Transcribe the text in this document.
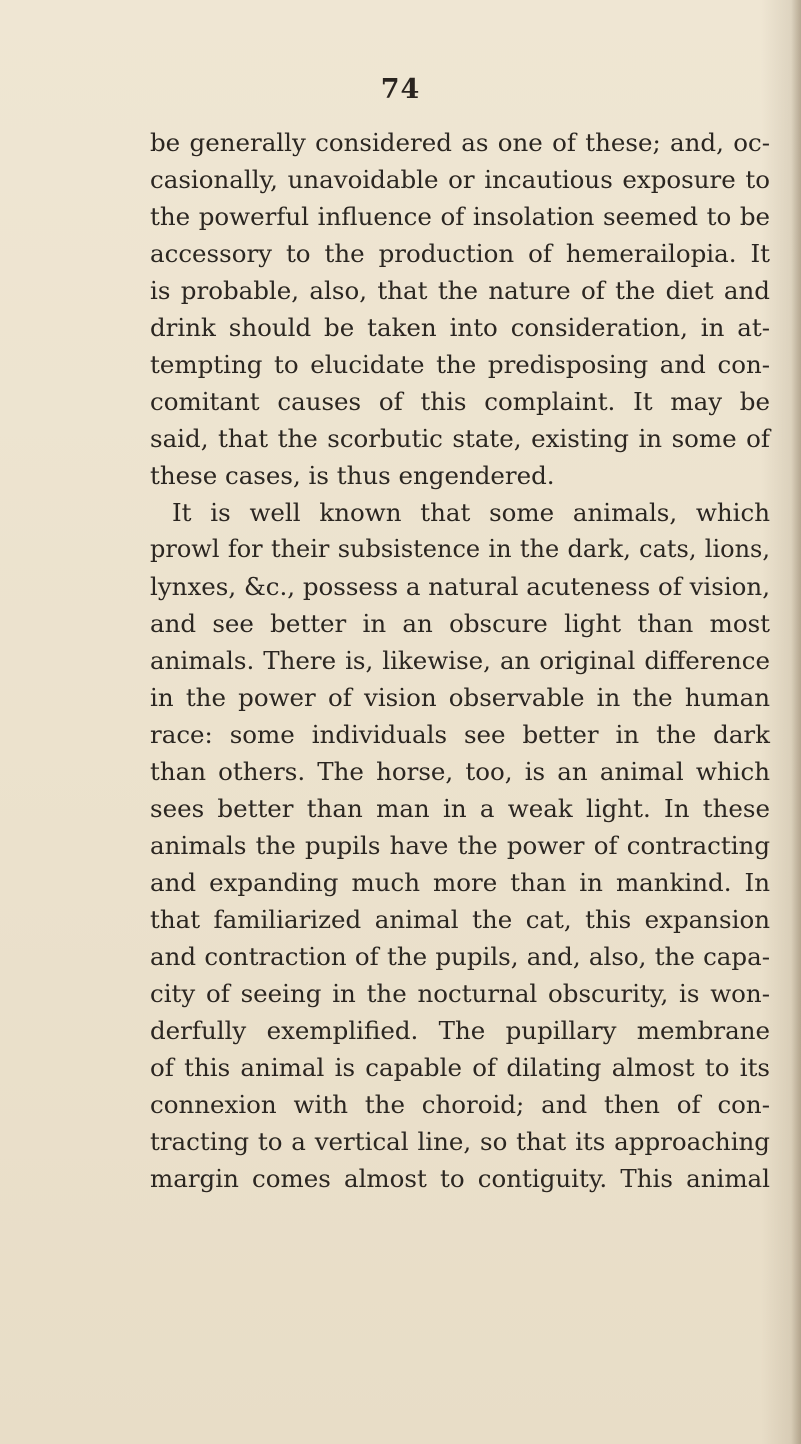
74
be generally considered as one of these; and, oc-
casionally, unavoidable or incautious exposure to
the powerful influence of insolation seemed to be
accessory to the production of hemerailopia. It
is probable, also, that the nature of the diet and
drink should be taken into consideration, in at-
tempting to elucidate the predisposing and con-
comitant causes of this complaint. It may be
said, that the scorbutic state, existing in some of
these cases, is thus engendered.
It is well known that some animals, which
prowl for their subsistence in the dark, cats, lions,
lynxes, &c., possess a natural acuteness of vision,
and see better in an obscure light than most
animals. There is, likewise, an original difference
in the power of vision observable in the human
race: some individuals see better in the dark
than others. The horse, too, is an animal which
sees better than man in a weak light. In these
animals the pupils have the power of contracting
and expanding much more than in mankind. In
that familiarized animal the cat, this expansion
and contraction of the pupils, and, also, the capa-
city of seeing in the nocturnal obscurity, is won-
derfully exemplified. The pupillary membrane
of this animal is capable of dilating almost to its
connexion with the choroid; and then of con-
tracting to a vertical line, so that its approaching
margin comes almost to contiguity. This animal
